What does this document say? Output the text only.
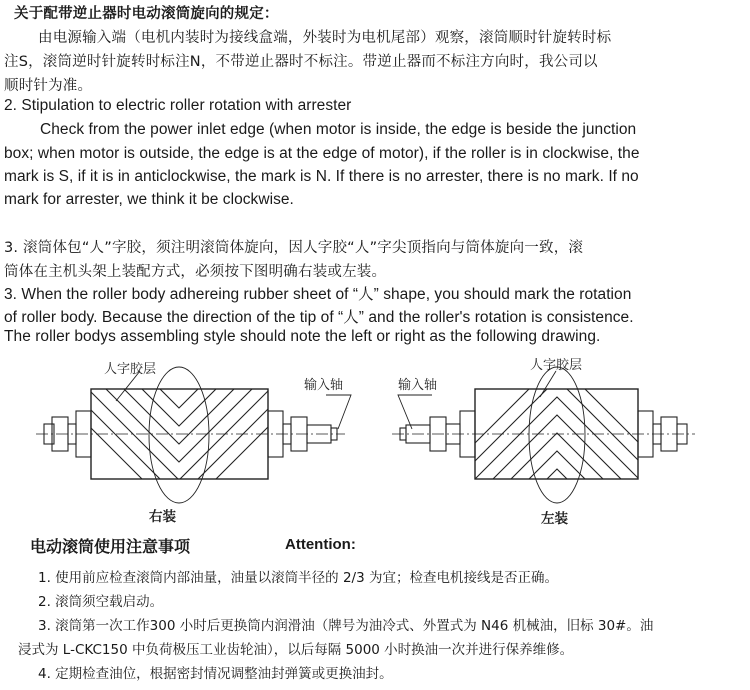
关于配带逆止器时电动滚筒旋向的规定：

由电源输入端（电机内装时为接线盒端，外装时为电机尾部）观察，滚筒顺时针旋转时标

注S，滚筒逆时针旋转时标注N，不带逆止器时不标注。带逆止器而不标注方向时，我公司以

顺时针为准。

2. Stipulation to electric roller rotation with arrester

Check from the power inlet edge (when motor is inside, the edge is beside the junction

box; when motor is outside, the edge is at the edge of motor), if the roller is in clockwise, the

mark is S, if it is in anticlockwise, the mark is N. If there is no arrester, there is no mark. If no

mark for arrester, we think it be clockwise.

3. 滚筒体包“人”字胶，须注明滚筒体旋向，因人字胶“人”字尖顶指向与筒体旋向一致，滚

筒体在主机头架上装配方式，必须按下图明确右装或左装。

3. When the roller body adhereing rubber sheet of “人” shape, you should mark the rotation

of roller body. Because the direction of the tip of “人” and the roller's rotation is consistence.

The roller bodys assembling style should note the left or right as the following drawing.

人字胶层
输入轴
右装
输入轴
人字胶层
左装

电动滚筒使用注意事项	Attention:

1. 使用前应检查滚筒内部油量，油量以滚筒半径的 2/3 为宜；检查电机接线是否正确。

2. 滚筒须空载启动。

3. 滚筒第一次工作300 小时后更换筒内润滑油（牌号为油冷式、外置式为 N46 机械油，旧标 30#。油

浸式为 L-CKC150 中负荷极压工业齿轮油），以后每隔 5000 小时换油一次并进行保养维修。

4. 定期检查油位，根据密封情况调整油封弹簧或更换油封。
